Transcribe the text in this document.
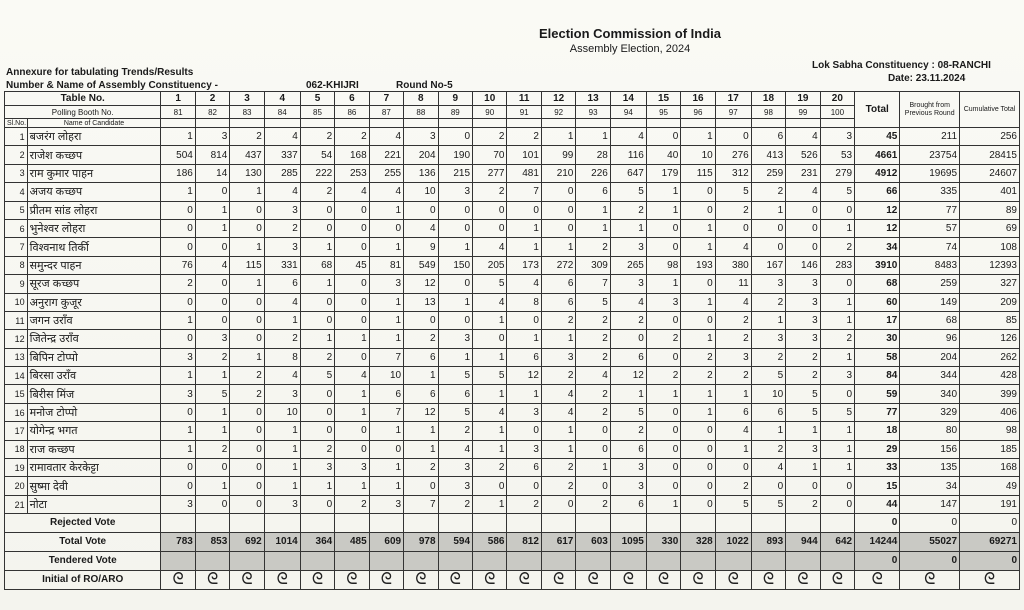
Election Commission of India
Assembly Election, 2024
Annexure for tabulating Trends/Results
Number & Name of Assembly Constituency -	062-KHIJRI	Round No-5
Lok Sabha Constituency : 08-RANCHI
Date: 23.11.2024
Table No.		1	2	3	4	5	6	7	8	9	10	11	12	13	14	15	16	17	18	19	20	Total	Brought from Previous Round	Cumulative Total
Polling Booth No.		81	82	83	84	85	86	87	88	89	90	91	92	93	94	95	96	97	98	99	100			
Sl.No.	Name of Candidate																							
1	बजरंग लोहरा	1	3	2	4	2	2	4	3	0	2	2	1	1	4	0	1	0	6	4	3	45	211	256
2	राजेश कच्छप	504	814	437	337	54	168	221	204	190	70	101	99	28	116	40	10	276	413	526	53	4661	23754	28415
3	राम कुमार पाहन	186	14	130	285	222	253	255	136	215	277	481	210	226	647	179	115	312	259	231	279	4912	19695	24607
4	अजय कच्छप	1	0	1	4	2	4	4	10	3	2	7	0	6	5	1	0	5	2	4	5	66	335	401
5	प्रीतम सांड लोहरा	0	1	0	3	0	0	1	0	0	0	0	0	1	2	1	0	2	1	0	0	12	77	89
6	भुनेश्वर लोहरा	0	1	0	2	0	0	0	4	0	0	1	0	1	1	0	1	0	0	0	1	12	57	69
7	विश्वनाथ तिर्की	0	0	1	3	1	0	1	9	1	4	1	1	2	3	0	1	4	0	0	2	34	74	108
8	समुन्दर पाहन	76	4	115	331	68	45	81	549	150	205	173	272	309	265	98	193	380	167	146	283	3910	8483	12393
9	सूरज कच्छप	2	0	1	6	1	0	3	12	0	5	4	6	7	3	1	0	11	3	3	0	68	259	327
10	अनुराग कुजूर	0	0	0	4	0	0	1	13	1	4	8	6	5	4	3	1	4	2	3	1	60	149	209
11	जगन उराँव	1	0	0	1	0	0	1	0	0	1	0	2	2	2	0	0	2	1	3	1	17	68	85
12	जितेन्द्र उराँव	0	3	0	2	1	1	1	2	3	0	1	1	2	0	2	1	2	3	3	2	30	96	126
13	बिपिन टोप्पो	3	2	1	8	2	0	7	6	1	1	6	3	2	6	0	2	3	2	2	1	58	204	262
14	बिरसा उराँव	1	1	2	4	5	4	10	1	5	5	12	2	4	12	2	2	2	5	2	3	84	344	428
15	बिरीस मिंज	3	5	2	3	0	1	6	6	6	1	1	4	2	1	1	1	1	10	5	0	59	340	399
16	मनोज टोप्पो	0	1	0	10	0	1	7	12	5	4	3	4	2	5	0	1	6	6	5	5	77	329	406
17	योगेन्द्र भगत	1	1	0	1	0	0	1	1	2	1	0	1	0	2	0	0	4	1	1	1	18	80	98
18	राज कच्छप	1	2	0	1	2	0	0	1	4	1	3	1	0	6	0	0	1	2	3	1	29	156	185
19	रामावतार केरकेट्टा	0	0	0	1	3	3	1	2	3	2	6	2	1	3	0	0	0	4	1	1	33	135	168
20	सुष्मा देवी	0	1	0	1	1	1	1	0	3	0	0	2	0	3	0	0	2	0	0	0	15	34	49
21	नोटा	3	0	0	3	0	2	3	7	2	1	2	0	2	6	1	0	5	5	2	0	44	147	191
Rejected Vote																						0	0	0
Total Vote		783	853	692	1014	364	485	609	978	594	586	812	617	603	1095	330	328	1022	893	944	642	14244	55027	69271
Tendered Vote																						0	0	0
Initial of RO/ARO		ᘓ	ᘓ	ᘓ	ᘓ	ᘓ	ᘓ	ᘓ	ᘓ	ᘓ	ᘓ	ᘓ	ᘓ	ᘓ	ᘓ	ᘓ	ᘓ	ᘓ	ᘓ	ᘓ	ᘓ	ᘓ	ᘓ	ᘓ
